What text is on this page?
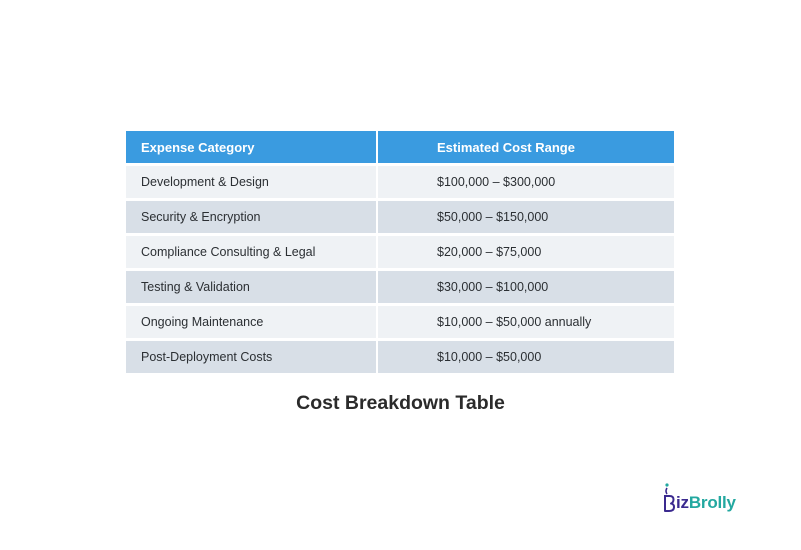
Expense Category	Estimated Cost Range
Development & Design	$100,000 – $300,000
Security & Encryption	$50,000 – $150,000
Compliance Consulting & Legal	$20,000 – $75,000
Testing & Validation	$30,000 – $100,000
Ongoing Maintenance	$10,000 – $50,000 annually
Post-Deployment Costs	$10,000 – $50,000
Cost Breakdown Table
izBrolly
